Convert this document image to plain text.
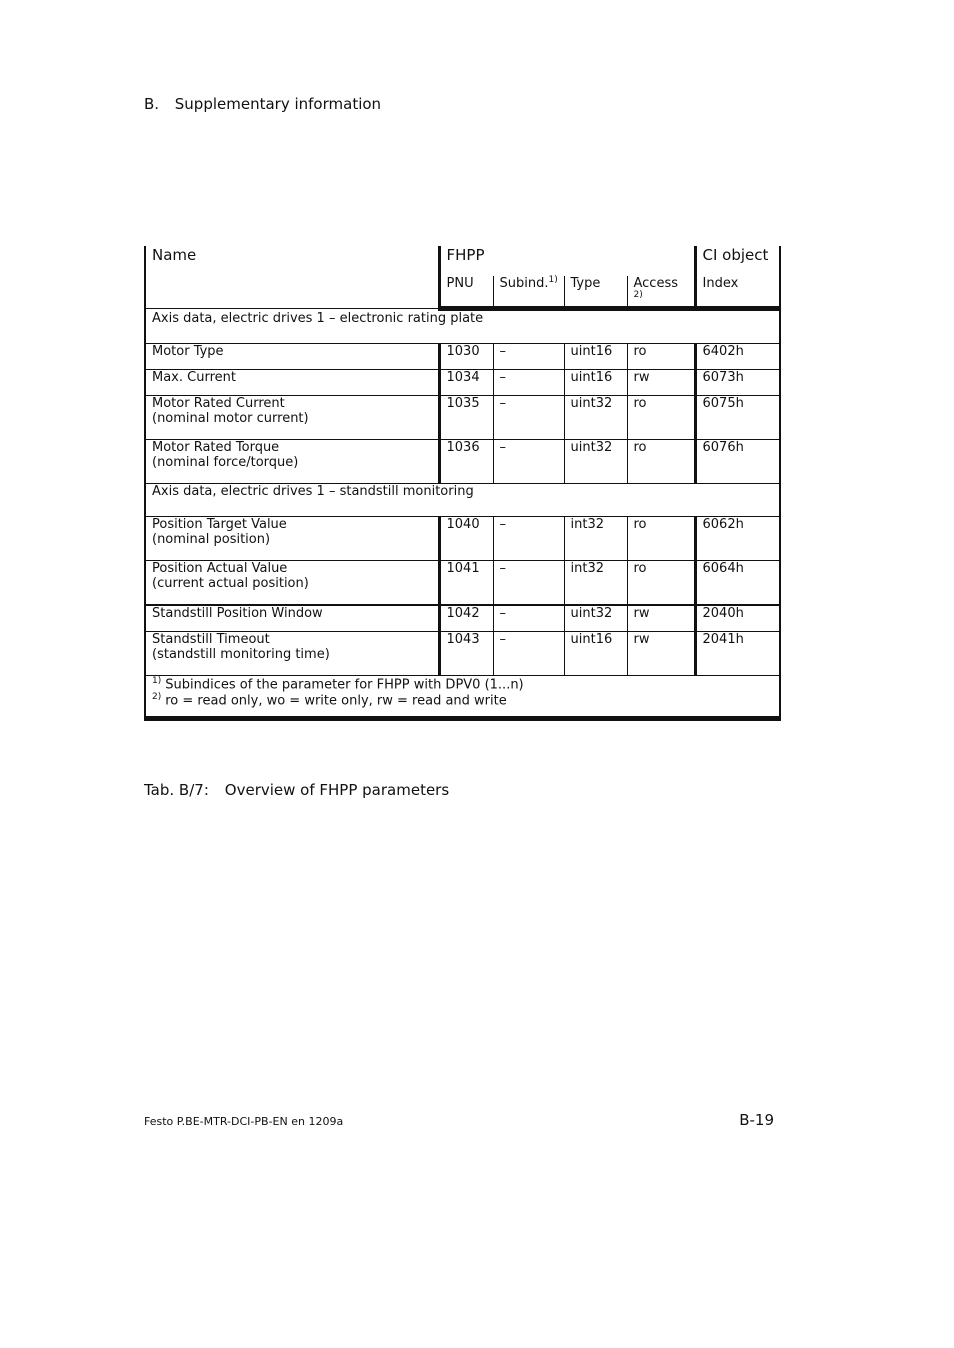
B. Supplementary information
Name	FHPP				CI object
	PNU	Subind.$^{1)}$	Type	Access $^{2)}$	Index
Axis data, electric drives 1 – electronic rating plate					
Motor Type	1030	–	uint16	ro	6402h
Max. Current	1034	–	uint16	rw	6073h

Motor Rated Current
(nominal motor current)	1035	–	uint32	ro	6075h

Motor Rated Torque
(nominal force/torque)	1036	–	uint32	ro	6076h
Axis data, electric drives 1 – standstill monitoring					

Position Target Value
(nominal position)	1040	–	int32	ro	6062h

Position Actual Value
(current actual position)	1041	–	int32	ro	6064h
Standstill Position Window	1042	–	uint32	rw	2040h

Standstill Timeout
(standstill monitoring time)	1043	–	uint16	rw	2041h

$^{1)}$ Subindices of the parameter for FHPP with DPV0 (1...n)
$^{2)}$ ro = read only, wo = write only, rw = read and write					
Tab. B/7: Overview of FHPP parameters
Festo P.BE-MTR-DCI-PB-EN en 1209a	B-19
